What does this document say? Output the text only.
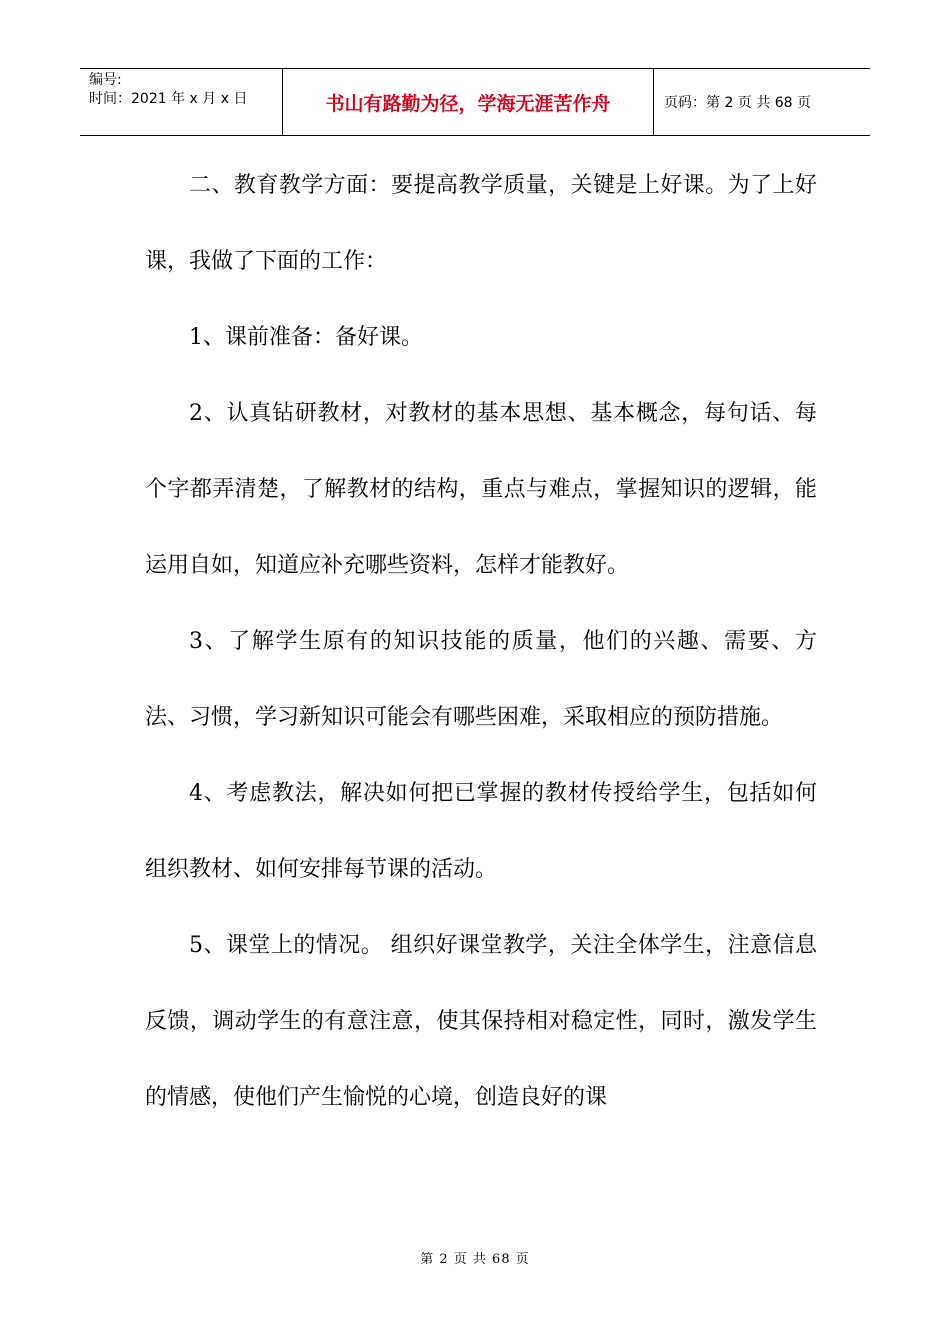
编号:
时间：2021 年 x 月 x 日	书山有路勤为径，学海无涯苦作舟	页码：第 2 页 共 68 页

二、教育教学方面：要提高教学质量，关键是上好课。为了上好课，我做了下面的工作：

1、课前准备：备好课。

2、认真钻研教材，对教材的基本思想、基本概念，每句话、每个字都弄清楚，了解教材的结构，重点与难点，掌握知识的逻辑，能运用自如，知道应补充哪些资料，怎样才能教好。

3、了解学生原有的知识技能的质量，他们的兴趣、需要、方法、习惯，学习新知识可能会有哪些困难，采取相应的预防措施。

4、考虑教法，解决如何把已掌握的教材传授给学生，包括如何组织教材、如何安排每节课的活动。

5、课堂上的情况。 组织好课堂教学，关注全体学生，注意信息反馈，调动学生的有意注意，使其保持相对稳定性，同时，激发学生的情感，使他们产生愉悦的心境，创造良好的课

第 2 页 共 68 页
